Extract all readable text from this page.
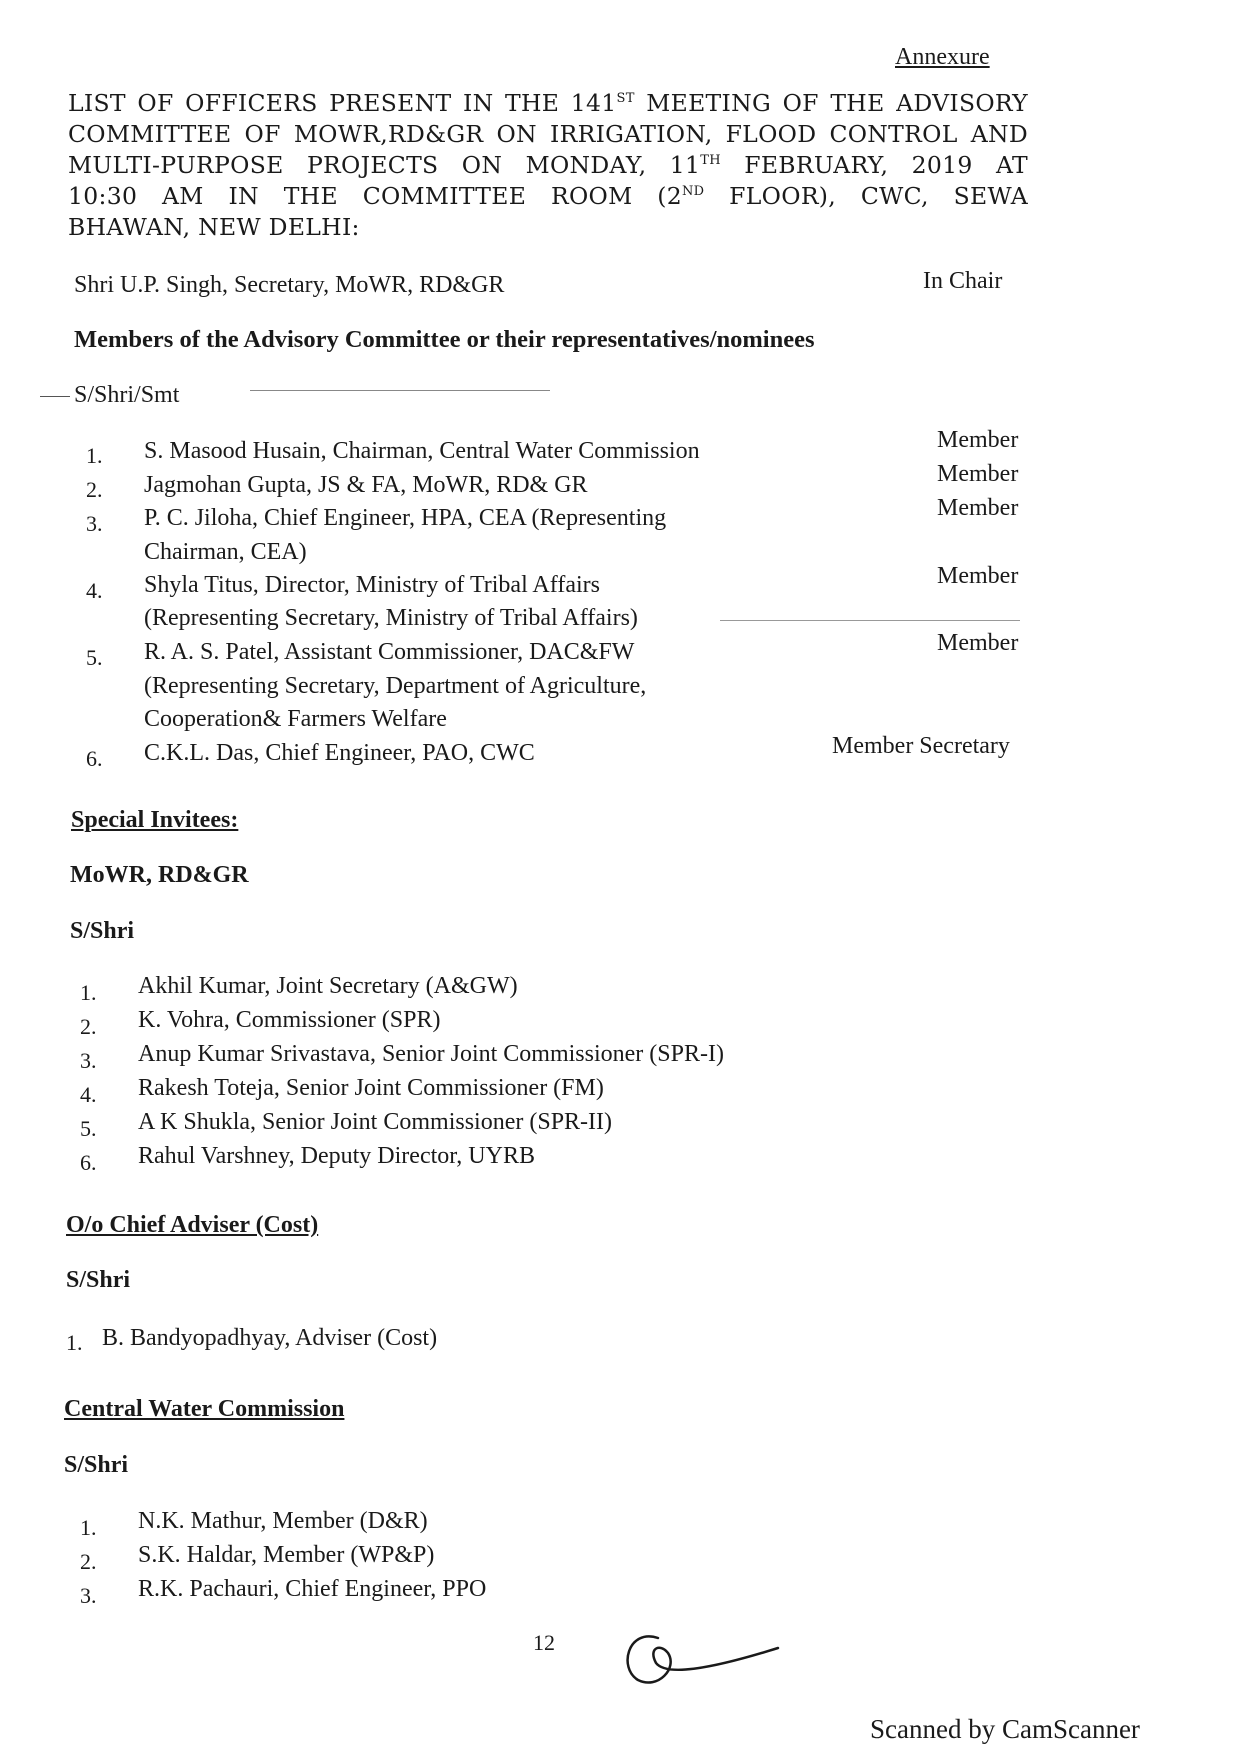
Annexure
LIST OF OFFICERS PRESENT IN THE 141ST MEETING OF THE ADVISORY
COMMITTEE OF MOWR,RD&GR ON IRRIGATION, FLOOD CONTROL AND
MULTI-PURPOSE PROJECTS ON MONDAY, 11TH FEBRUARY, 2019 AT
10:30 AM IN THE COMMITTEE ROOM (2ND FLOOR), CWC, SEWA
BHAWAN, NEW DELHI:
Shri U.P. Singh, Secretary, MoWR, RD&GR	In Chair
Members of the Advisory Committee or their representatives/nominees
S/Shri/Smt
1. S. Masood Husain, Chairman, Central Water Commission	Member
2. Jagmohan Gupta, JS & FA, MoWR, RD& GR	Member
3. P. C. Jiloha, Chief Engineer, HPA, CEA (Representing
Chairman, CEA)
Member
4. Shyla Titus, Director, Ministry of Tribal Affairs
(Representing Secretary, Ministry of Tribal Affairs)
Member
5. R. A. S. Patel, Assistant Commissioner, DAC&FW
(Representing Secretary, Department of Agriculture,
Cooperation& Farmers Welfare
Member
6. C.K.L. Das, Chief Engineer, PAO, CWC	Member Secretary
Special Invitees:
MoWR, RD&GR
S/Shri
1. Akhil Kumar, Joint Secretary (A&GW)
2. K. Vohra, Commissioner (SPR)
3. Anup Kumar Srivastava, Senior Joint Commissioner (SPR-I)
4. Rakesh Toteja, Senior Joint Commissioner (FM)
5. A K Shukla, Senior Joint Commissioner (SPR-II)
6. Rahul Varshney, Deputy Director, UYRB
O/o Chief Adviser (Cost)
S/Shri
1. B. Bandyopadhyay, Adviser (Cost)
Central Water Commission
S/Shri
1. N.K. Mathur, Member (D&R)
2. S.K. Haldar, Member (WP&P)
3. R.K. Pachauri, Chief Engineer, PPO
12
Scanned by CamScanner
